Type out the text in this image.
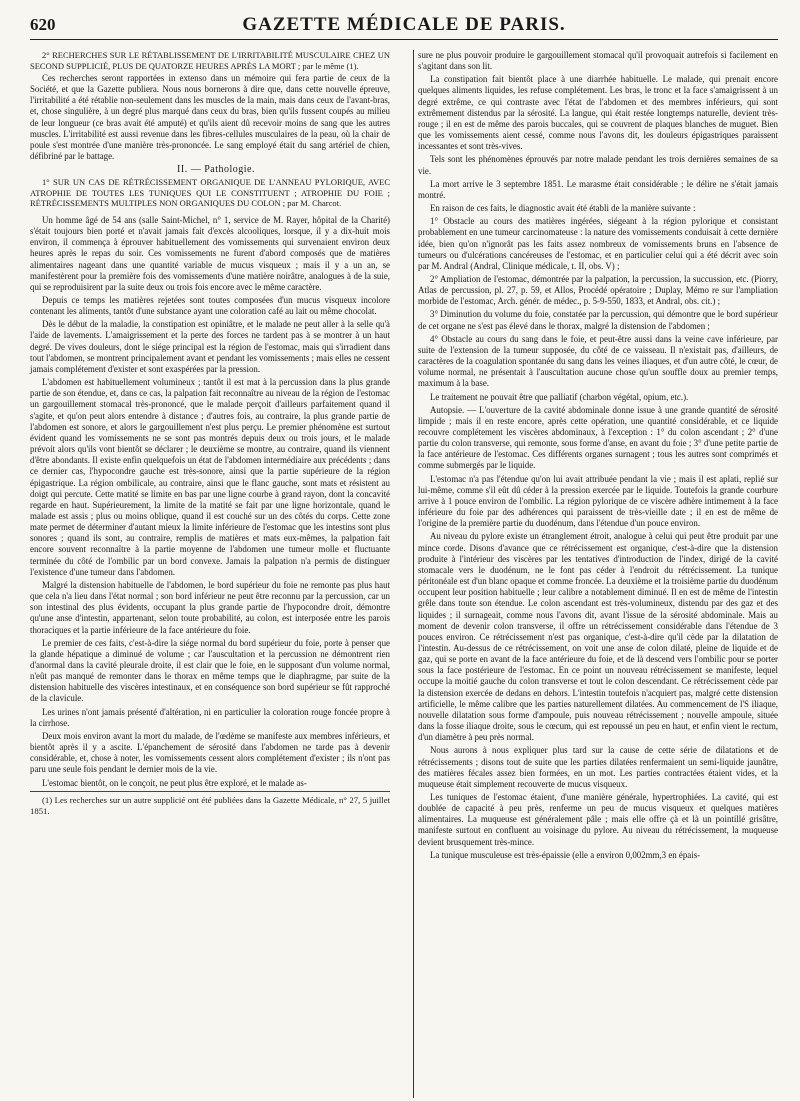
620	GAZETTE MÉDICALE DE PARIS.

2° RECHERCHES SUR LE RÉTABLISSEMENT DE L'IRRITABILITÉ MUSCULAIRE CHEZ UN SECOND SUPPLICIÉ, PLUS DE QUATORZE HEURES APRÈS LA MORT ; par le même (1).

Ces recherches seront rapportées in extenso dans un mémoire qui fera partie de ceux de la Société, et que la Gazette publiera. Nous nous bornerons à dire que, dans cette nouvelle épreuve, l'irritabilité a été rétablie non-seulement dans les muscles de la main, mais dans ceux de l'avant-bras, et, chose singulière, à un degré plus marqué dans ceux du bras, bien qu'ils fussent coupés au milieu de leur longueur (ce bras avait été amputé) et qu'ils aient dû recevoir moins de sang que les autres muscles. L'irritabilité est aussi revenue dans les fibres-cellules musculaires de la peau, où la chair de poule s'est montrée d'une manière très-prononcée. Le sang employé était du sang artériel de chien, défibriné par le battage.

II. — Pathologie.

1° SUR UN CAS DE RÉTRÉCISSEMENT ORGANIQUE DE L'ANNEAU PYLORIQUE, AVEC ATROPHIE DE TOUTES LES TUNIQUES QUI LE CONSTITUENT ; ATROPHIE DU FOIE ; RÉTRÉCISSEMENTS MULTIPLES NON ORGANIQUES DU COLON ; par M. Charcot.

Un homme âgé de 54 ans (salle Saint-Michel, n° 1, service de M. Rayer, hôpital de la Charité) s'était toujours bien porté et n'avait jamais fait d'excès alcooliques, lorsque, il y a dix-huit mois environ, il commença à éprouver habituellement des vomissements qui survenaient environ deux heures après le repas du soir. Ces vomissements ne furent d'abord composés que de matières alimentaires nageant dans une quantité variable de mucus visqueux ; mais il y a un an, se manifestèrent pour la première fois des vomissements d'une matière noirâtre, analogues à de la suie, qui se reproduisirent par la suite deux ou trois fois encore avec le même caractère.

Depuis ce temps les matières rejetées sont toutes composées d'un mucus visqueux incolore contenant les aliments, tantôt d'une substance ayant une coloration café au lait ou même chocolat.

Dès le début de la maladie, la constipation est opiniâtre, et le malade ne peut aller à la selle qu'à l'aide de lavements. L'amaigrissement et la perte des forces ne tardent pas à se montrer à un haut degré. De vives douleurs, dont le siége principal est la région de l'estomac, mais qui s'irradient dans tout l'abdomen, se montrent principalement avant et pendant les vomissements ; mais elles ne cessent jamais complétement d'exister et sont exaspérées par la pression.

L'abdomen est habituellement volumineux ; tantôt il est mat à la percussion dans la plus grande partie de son étendue, et, dans ce cas, la palpation fait reconnaître au niveau de la région de l'estomac un gargouillement stomacal très-prononcé, que le malade perçoit d'ailleurs parfaitement quand il s'agite, et qu'on peut alors entendre à distance ; d'autres fois, au contraire, la plus grande partie de l'abdomen est sonore, et alors le gargouillement n'est plus perçu. Le premier phénomène est surtout évident quand les vomissements ne se sont pas montrés depuis deux ou trois jours, et le malade prévoit alors qu'ils vont bientôt se déclarer ; le deuxième se montre, au contraire, quand ils viennent d'être abondants. Il existe enfin quelquefois un état de l'abdomen intermédiaire aux précédents ; dans ce dernier cas, l'hypocondre gauche est très-sonore, ainsi que la partie supérieure de la région épigastrique. La région ombilicale, au contraire, ainsi que le flanc gauche, sont mats et résistent au doigt qui percute. Cette matité se limite en bas par une ligne courbe à grand rayon, dont la concavité regarde en haut. Supérieurement, la limite de la matité se fait par une ligne horizontale, quand le malade est assis ; plus ou moins oblique, quand il est couché sur un des côtés du corps. Cette zone mate permet de déterminer d'autant mieux la limite inférieure de l'estomac que les intestins sont plus sonores ; quand ils sont, au contraire, remplis de matières et mats eux-mêmes, la palpation fait encore souvent reconnaître à la partie moyenne de l'abdomen une tumeur molle et fluctuante terminée du côté de l'ombilic par un bord convexe. Jamais la palpation n'a permis de distinguer l'existence d'une tumeur dans l'abdomen.

Malgré la distension habituelle de l'abdomen, le bord supérieur du foie ne remonte pas plus haut que cela n'a lieu dans l'état normal ; son bord inférieur ne peut être reconnu par la percussion, car un son intestinal des plus évidents, occupant la plus grande partie de l'hypocondre droit, démontre qu'une anse d'intestin, appartenant, selon toute probabilité, au colon, est interposée entre les parois thoraciques et la partie inférieure de la face antérieure du foie.

Le premier de ces faits, c'est-à-dire la siége normal du bord supérieur du foie, porte à penser que la glande hépatique a diminué de volume ; car l'auscultation et la percussion ne démontrent rien d'anormal dans la cavité pleurale droite, il est clair que le foie, en le supposant d'un volume normal, n'eût pas manqué de remonter dans le thorax en même temps que le diaphragme, par suite de la distension habituelle des viscères intestinaux, et en conséquence son bord supérieur se fût rapproché de la clavicule.

Les urines n'ont jamais présenté d'altération, ni en particulier la coloration rouge foncée propre à la cirrhose.

Deux mois environ avant la mort du malade, de l'œdème se manifeste aux membres inférieurs, et bientôt après il y a ascite. L'épanchement de sérosité dans l'abdomen ne tarde pas à devenir considérable, et, chose à noter, les vomissements cessent alors complétement d'exister ; ils n'ont pas paru une seule fois pendant le dernier mois de la vie.

L'estomac bientôt, on le conçoit, ne peut plus être exploré, et le malade as-

(1) Les recherches sur un autre supplicié ont été publiées dans la Gazette Médicale, n° 27, 5 juillet 1851.

sure ne plus pouvoir produire le gargouillement stomacal qu'il provoquait autrefois si facilement en s'agitant dans son lit.

La constipation fait bientôt place à une diarrhée habituelle. Le malade, qui prenait encore quelques aliments liquides, les refuse complétement. Les bras, le tronc et la face s'amaigrissent à un degré extrême, ce qui contraste avec l'état de l'abdomen et des membres inférieurs, qui sont extrêmement distendus par la sérosité. La langue, qui était restée longtemps naturelle, devient très-rouge ; il en est de même des parois buccales, qui se couvrent de plaques blanches de muguet. Bien que les vomissements aient cessé, comme nous l'avons dit, les douleurs épigastriques paraissent incessantes et sont très-vives.

Tels sont les phénomènes éprouvés par notre malade pendant les trois dernières semaines de sa vie.

La mort arrive le 3 septembre 1851. Le marasme était considérable ; le délire ne s'était jamais montré.

En raison de ces faits, le diagnostic avait été établi de la manière suivante :

1° Obstacle au cours des matières ingérées, siégeant à la région pylorique et consistant probablement en une tumeur carcinomateuse : la nature des vomissements conduisait à cette dernière idée, bien qu'on n'ignorât pas les faits assez nombreux de vomissements bruns en l'absence de tumeurs ou d'ulcérations cancéreuses de l'estomac, et en particulier celui qui a été décrit avec soin par M. Andral (Andral, Clinique médicale, t. II, obs. V) ;

2° Ampliation de l'estomac, démontrée par la palpation, la percussion, la succussion, etc. (Piorry, Atlas de percussion, pl. 27, p. 59, et Allos, Procédé opératoire ; Duplay, Mémo re sur l'ampliation morbide de l'estomac, Arch. génér. de médec., p. 5-9-550, 1833, et Andral, obs. cit.) ;

3° Diminution du volume du foie, constatée par la percussion, qui démontre que le bord supérieur de cet organe ne s'est pas élevé dans le thorax, malgré la distension de l'abdomen ;

4° Obstacle au cours du sang dans le foie, et peut-être aussi dans la veine cave inférieure, par suite de l'extension de la tumeur supposée, du côté de ce vaisseau. Il n'existait pas, d'ailleurs, de caractères de la coagulation spontanée du sang dans les veines iliaques, et d'un autre côté, le cœur, de volume normal, ne présentait à l'auscultation aucune chose qu'un souffle doux au premier temps, maximum à la base.

Le traitement ne pouvait être que palliatif (charbon végétal, opium, etc.).

Autopsie. — L'ouverture de la cavité abdominale donne issue à une grande quantité de sérosité limpide ; mais il en reste encore, après cette opération, une quantité considérable, et ce liquide recouvre complétement les viscères abdominaux, à l'exception : 1° du colon ascendant ; 2° d'une partie du colon transverse, qui remonte, sous forme d'anse, en avant du foie ; 3° d'une petite partie de la face antérieure de l'estomac. Ces différents organes surnagent ; tous les autres sont comprimés et comme submergés par le liquide.

L'estomac n'a pas l'étendue qu'on lui avait attribuée pendant la vie ; mais il est aplati, replié sur lui-même, comme s'il eût dû céder à la pression exercée par le liquide. Toutefois la grande courbure arrive à 1 pouce environ de l'ombilic. La région pylorique de ce viscère adhère intimement à la face inférieure du foie par des adhérences qui paraissent de très-vieille date ; il en est de même de l'origine de la première partie du duodénum, dans l'étendue d'un pouce environ.

Au niveau du pylore existe un étranglement étroit, analogue à celui qui peut être produit par une mince corde. Disons d'avance que ce rétrécissement est organique, c'est-à-dire que la distension produite à l'intérieur des viscères par les tentatives d'introduction de l'index, dirigé de la cavité stomacale vers le duodénum, ne le font pas céder à l'endroit du rétrécissement. La tunique péritonéale est d'un blanc opaque et comme froncée. La deuxième et la troisième partie du duodénum occupent leur position habituelle ; leur calibre a notablement diminué. Il en est de même de l'intestin grêle dans toute son étendue. Le colon ascendant est très-volumineux, distendu par des gaz et des liquides ; il surnageait, comme nous l'avons dit, avant l'issue de la sérosité abdominale. Mais au moment de devenir colon transverse, il offre un rétrécissement considérable dans l'étendue de 3 pouces environ. Ce rétrécissement n'est pas organique, c'est-à-dire qu'il cède par la dilatation de l'intestin. Au-dessus de ce rétrécissement, on voit une anse de colon dilaté, pleine de liquide et de gaz, qui se porte en avant de la face antérieure du foie, et de là descend vers l'ombilic pour se porter sous la face postérieure de l'estomac. En ce point un nouveau rétrécissement se manifeste, lequel occupe la moitié gauche du colon transverse et tout le colon descendant. Ce rétrécissement cède par la distension exercée de dedans en dehors. L'intestin toutefois n'acquiert pas, malgré cette distension artificielle, le même calibre que les parties naturellement dilatées. Au commencement de l'S iliaque, nouvelle dilatation sous forme d'ampoule, puis nouveau rétrécissement ; nouvelle ampoule, située dans la fosse iliaque droite, sous le cœcum, qui est repoussé un peu en haut, et enfin vient le rectum, d'un diamètre à peu près normal.

Nous aurons à nous expliquer plus tard sur la cause de cette série de dilatations et de rétrécissements ; disons tout de suite que les parties dilatées renfermaient un semi-liquide jaunâtre, des matières fécales assez bien formées, en un mot. Les parties contractées étaient vides, et la muqueuse était simplement recouverte de mucus visqueux.

Les tuniques de l'estomac étaient, d'une manière générale, hypertrophiées. La cavité, qui est doublée de capacité à peu près, renferme un peu de mucus visqueux et quelques matières alimentaires. La muqueuse est généralement pâle ; mais elle offre çà et là un pointillé grisâtre, manifeste surtout en confluent au voisinage du pylore. Au niveau du rétrécissement, la muqueuse devient brusquement très-mince.

La tunique musculeuse est très-épaissie (elle a environ 0,002mm,3 en épais-
